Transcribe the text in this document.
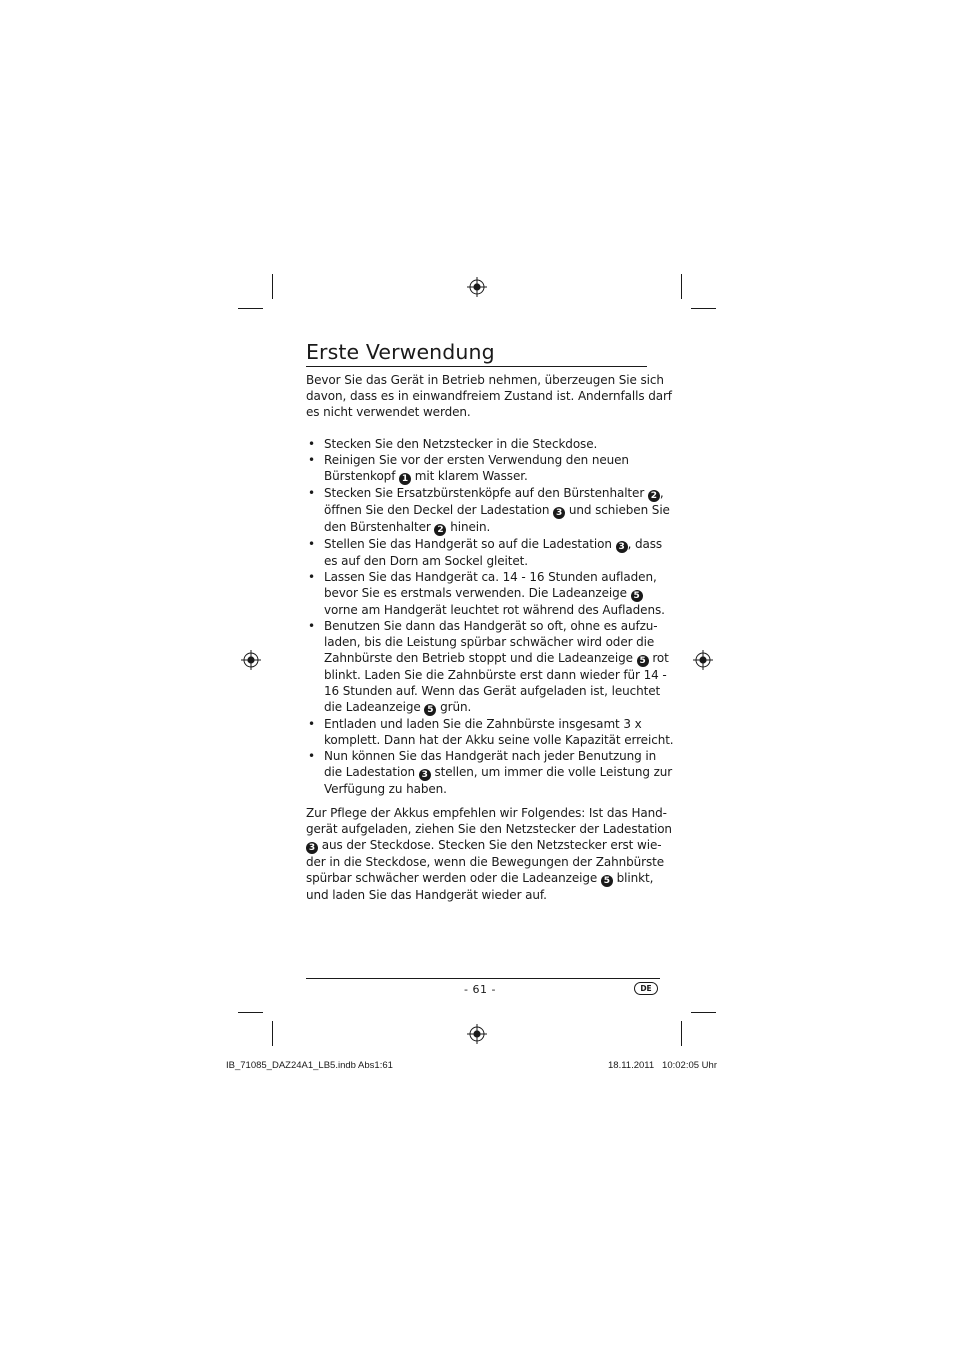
Erste Verwendung

Bevor Sie das Gerät in Betrieb nehmen, überzeugen Sie sich
davon, dass es in einwandfreiem Zustand ist. Andernfalls darf
es nicht verwendet werden.

• Stecken Sie den Netzstecker in die Steckdose.
• Reinigen Sie vor der ersten Verwendung den neuen
Bürstenkopf 1 mit klarem Wasser.
• Stecken Sie Ersatzbürstenköpfe auf den Bürstenhalter 2 ,
öffnen Sie den Deckel der Ladestation 3 und schieben Sie
den Bürstenhalter 2 hinein.
• Stellen Sie das Handgerät so auf die Ladestation 3 , dass
es auf den Dorn am Sockel gleitet.
• Lassen Sie das Handgerät ca. 14 - 16 Stunden aufladen,
bevor Sie es erstmals verwenden. Die Ladeanzeige 5
vorne am Handgerät leuchtet rot während des Aufladens.
• Benutzen Sie dann das Handgerät so oft, ohne es aufzu-
laden, bis die Leistung spürbar schwächer wird oder die
Zahnbürste den Betrieb stoppt und die Ladeanzeige 5 rot
blinkt. Laden Sie die Zahnbürste erst dann wieder für 14 -
16 Stunden auf. Wenn das Gerät aufgeladen ist, leuchtet
die Ladeanzeige 5 grün.
• Entladen und laden Sie die Zahnbürste insgesamt 3 x
komplett. Dann hat der Akku seine volle Kapazität erreicht.
• Nun können Sie das Handgerät nach jeder Benutzung in
die Ladestation 3 stellen, um immer die volle Leistung zur
Verfügung zu haben.

Zur Pflege der Akkus empfehlen wir Folgendes: Ist das Hand-
gerät aufgeladen, ziehen Sie den Netzstecker der Ladestation
3 aus der Steckdose. Stecken Sie den Netzstecker erst wie-
der in die Steckdose, wenn die Bewegungen der Zahnbürste
spürbar schwächer werden oder die Ladeanzeige 5 blinkt,
und laden Sie das Handgerät wieder auf.

- 61 -	DE
IB_71085_DAZ24A1_LB5.indb Abs1:61	18.11.2011   10:02:05 Uhr
